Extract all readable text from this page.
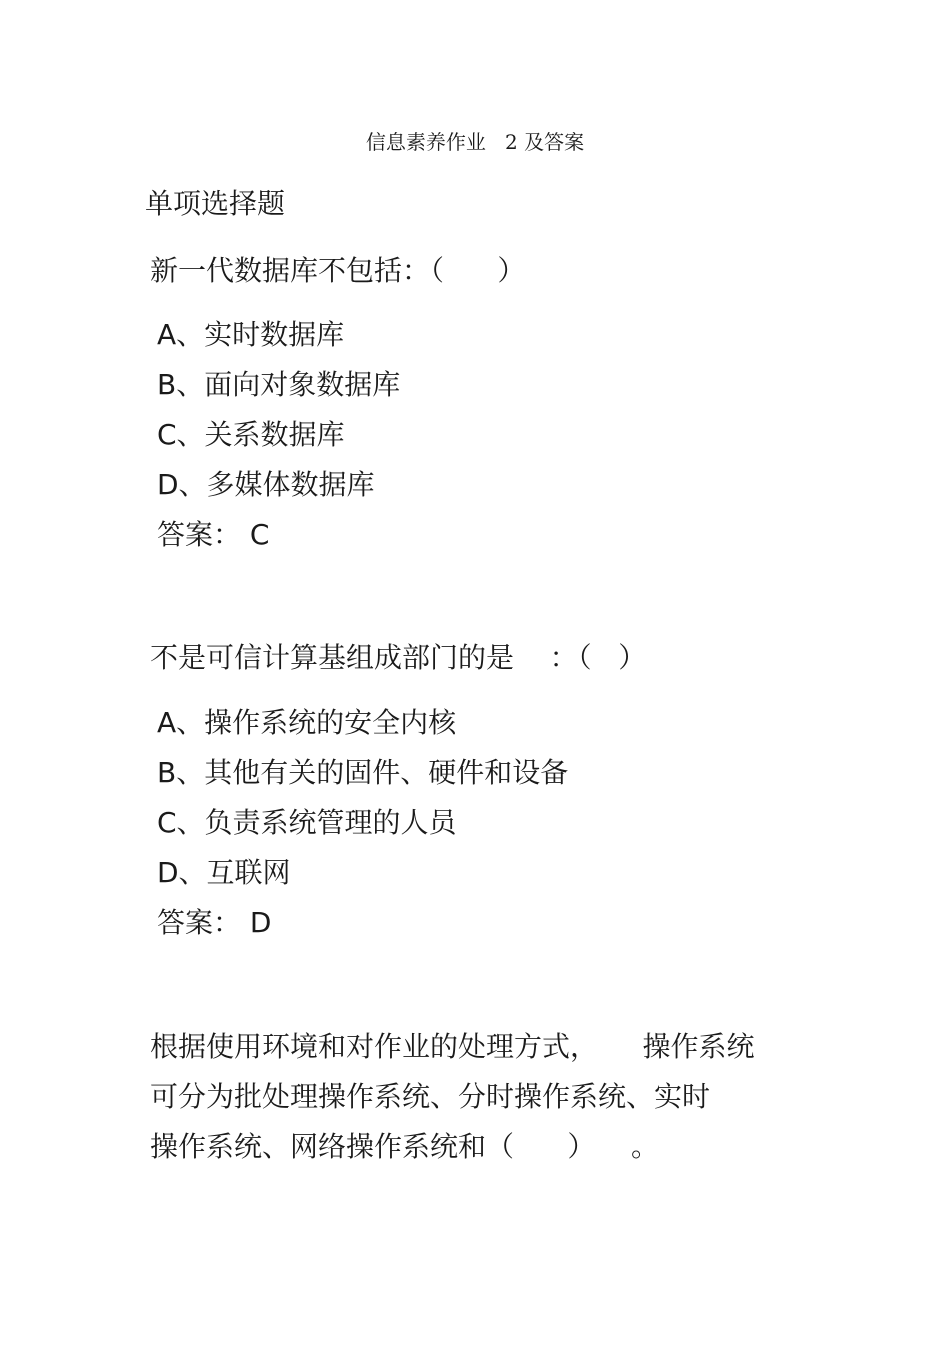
信息素养作业   2 及答案
单项选择题
新一代数据库不包括：（      ）
A、实时数据库
B、面向对象数据库
C、关系数据库
D、多媒体数据库
答案： C
不是可信计算基组成部门的是    ：（   ）
A、操作系统的安全内核
B、其他有关的固件、硬件和设备
C、负责系统管理的人员
D、互联网
答案： D
根据使用环境和对作业的处理方式，     操作系统
可分为批处理操作系统、分时操作系统、实时
操作系统、网络操作系统和（      ）    。
